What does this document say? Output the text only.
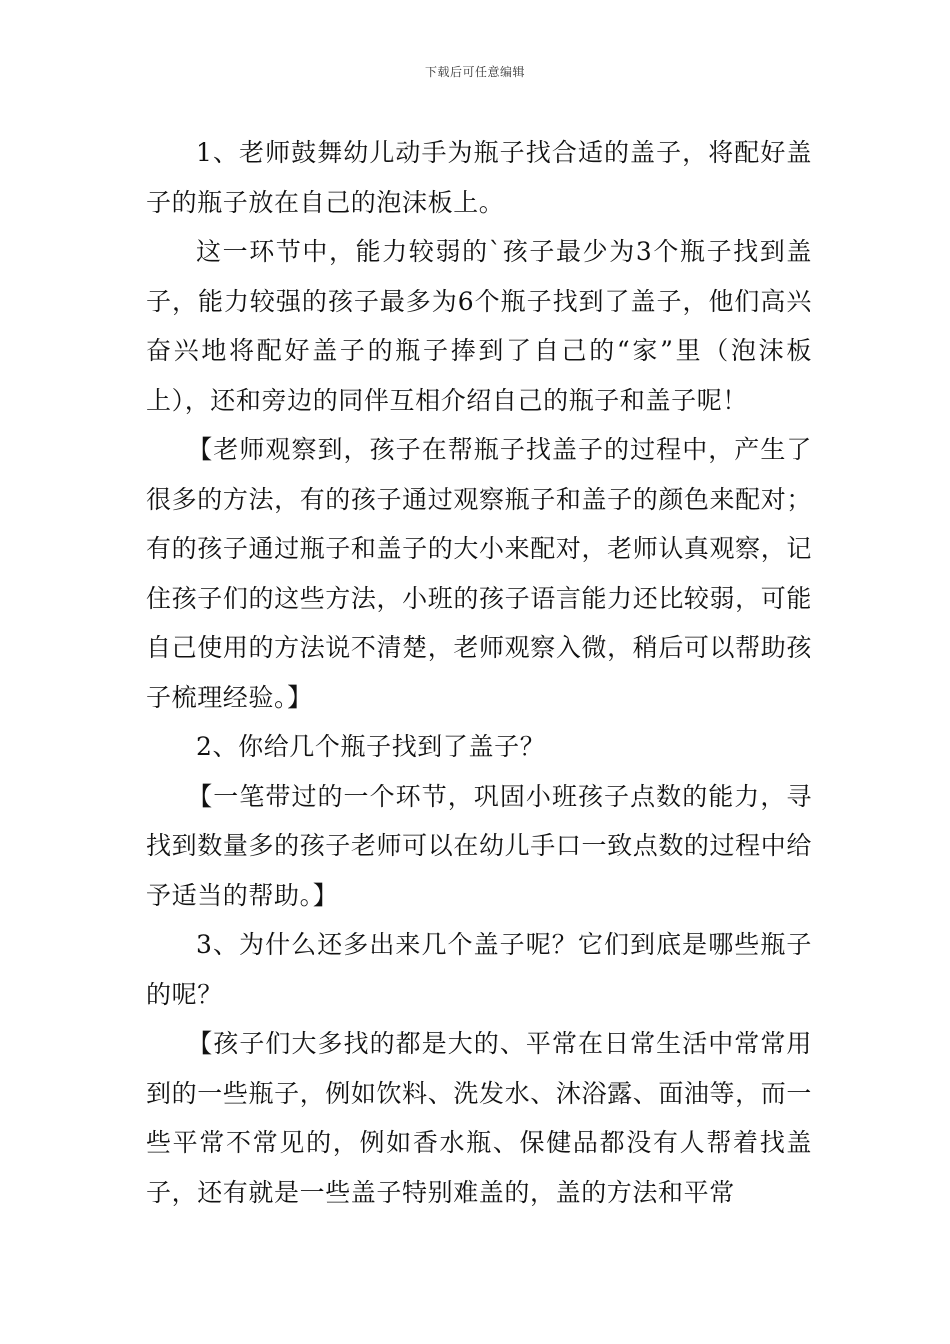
下载后可任意编辑

1、老师鼓舞幼儿动手为瓶子找合适的盖子，将配好盖子的瓶子放在自己的泡沫板上。

这一环节中，能力较弱的`孩子最少为3个瓶子找到盖子，能力较强的孩子最多为6个瓶子找到了盖子，他们高兴奋兴地将配好盖子的瓶子捧到了自己的“家”里（泡沫板上），还和旁边的同伴互相介绍自己的瓶子和盖子呢！

【老师观察到，孩子在帮瓶子找盖子的过程中，产生了很多的方法，有的孩子通过观察瓶子和盖子的颜色来配对；有的孩子通过瓶子和盖子的大小来配对，老师认真观察，记住孩子们的这些方法，小班的孩子语言能力还比较弱，可能自己使用的方法说不清楚，老师观察入微，稍后可以帮助孩子梳理经验。】

2、你给几个瓶子找到了盖子？

【一笔带过的一个环节，巩固小班孩子点数的能力，寻找到数量多的孩子老师可以在幼儿手口一致点数的过程中给予适当的帮助。】

3、为什么还多出来几个盖子呢？它们到底是哪些瓶子的呢？

【孩子们大多找的都是大的、平常在日常生活中常常用到的一些瓶子，例如饮料、洗发水、沐浴露、面油等，而一些平常不常见的，例如香水瓶、保健品都没有人帮着找盖子，还有就是一些盖子特别难盖的，盖的方法和平常
